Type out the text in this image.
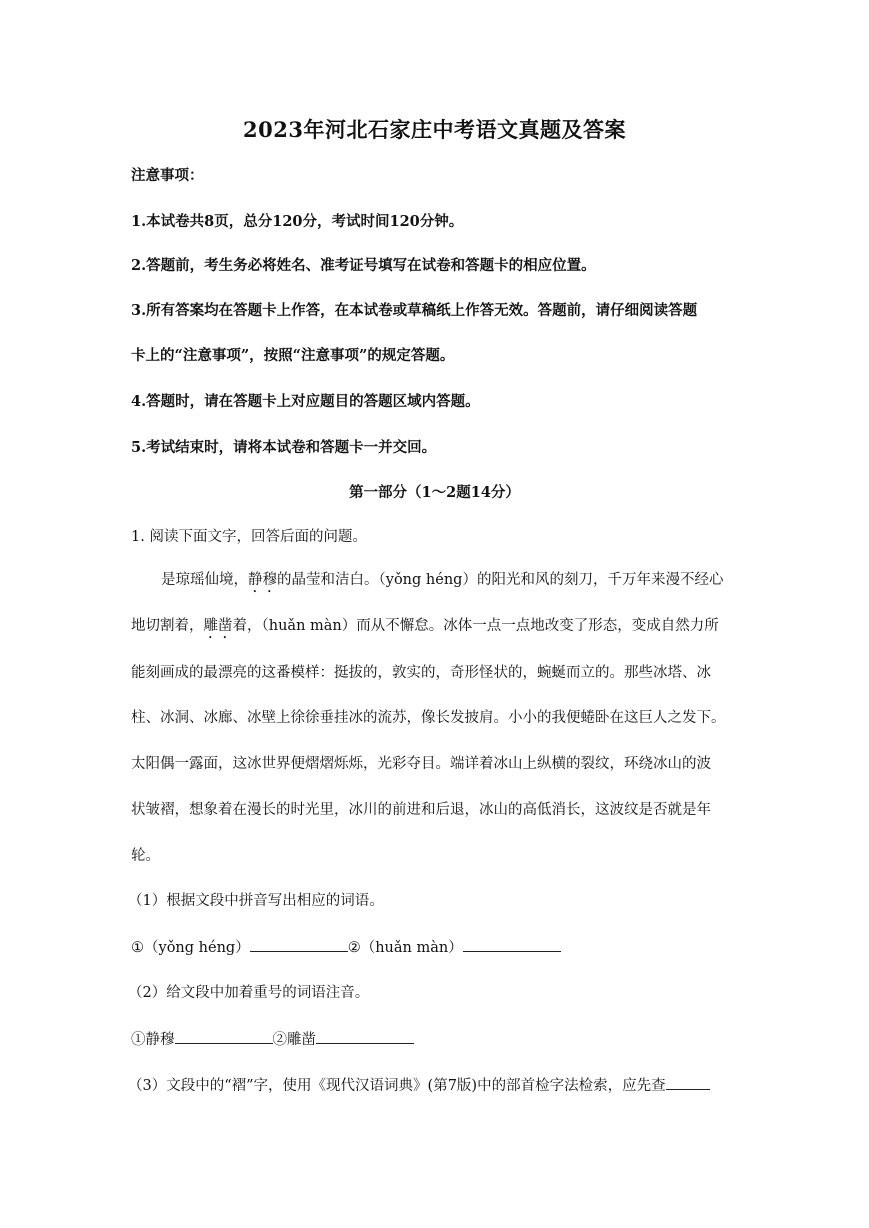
2023年河北石家庄中考语文真题及答案
注意事项：
1.本试卷共8页，总分120分，考试时间120分钟。
2.答题前，考生务必将姓名、准考证号填写在试卷和答题卡的相应位置。
3.所有答案均在答题卡上作答，在本试卷或草稿纸上作答无效。答题前，请仔细阅读答题
卡上的“注意事项”，按照“注意事项”的规定答题。
4.答题时，请在答题卡上对应题目的答题区域内答题。
5.考试结束时，请将本试卷和答题卡一并交回。
第一部分（1～2题14分）
1. 阅读下面文字，回答后面的问题。
是琼瑶仙境，静穆的晶莹和洁白。（yǒng héng）的阳光和风的刻刀，千万年来漫不经心
地切割着，雕凿着，（huǎn màn）而从不懈怠。冰体一点一点地改变了形态，变成自然力所
能刻画成的最漂亮的这番模样：挺拔的，敦实的，奇形怪状的，蜿蜒而立的。那些冰塔、冰
柱、冰洞、冰廊、冰壁上徐徐垂挂冰的流苏，像长发披肩。小小的我便蜷卧在这巨人之发下。
太阳偶一露面，这冰世界便熠熠烁烁，光彩夺目。端详着冰山上纵横的裂纹，环绕冰山的波
状皱褶，想象着在漫长的时光里，冰川的前进和后退，冰山的高低消长，这波纹是否就是年
轮。
（1）根据文段中拼音写出相应的词语。
①（yǒng héng）	②（huǎn màn）
（2）给文段中加着重号的词语注音。
①静穆	②雕凿
（3）文段中的“褶”字，使用《现代汉语词典》(第7版)中的部首检字法检索，应先查
